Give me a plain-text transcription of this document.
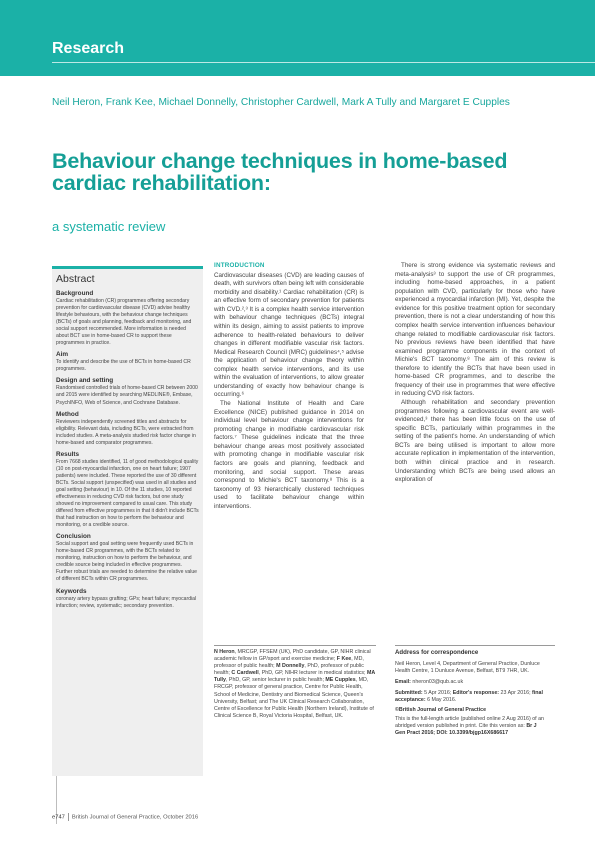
Research
Neil Heron, Frank Kee, Michael Donnelly, Christopher Cardwell, Mark A Tully and Margaret E Cupples
Behaviour change techniques in home-based cardiac rehabilitation:
a systematic review
Abstract
Background

Cardiac rehabilitation (CR) programmes offering secondary prevention for cardiovascular disease (CVD) advise healthy lifestyle behaviours, with the behaviour change techniques (BCTs) of goals and planning, feedback and monitoring, and social support recommended. More information is needed about BCT use in home-based CR to support these programmes in practice.

Aim

To identify and describe the use of BCTs in home-based CR programmes.

Design and setting

Randomised controlled trials of home-based CR between 2000 and 2015 were identified by searching MEDLINE®, Embase, PsychINFO, Web of Science, and Cochrane Database.

Method

Reviewers independently screened titles and abstracts for eligibility. Relevant data, including BCTs, were extracted from included studies. A meta-analysis studied risk factor change in home-based and comparator programmes.

Results

From 7668 studies identified, 11 of good methodological quality (10 on post-myocardial infarction, one on heart failure; 1907 patients) were included. These reported the use of 30 different BCTs. Social support (unspecified) was used in all studies and goal setting (behaviour) in 10. Of the 11 studies, 10 reported effectiveness in reducing CVD risk factors, but one study showed no improvement compared to usual care. This study differed from effective programmes in that it didn't include BCTs that had instruction on how to perform the behaviour and monitoring, or a credible source.

Conclusion

Social support and goal setting were frequently used BCTs in home-based CR programmes, with the BCTs related to monitoring, instruction on how to perform the behaviour, and credible source being included in effective programmes. Further robust trials are needed to determine the relative value of different BCTs within CR programmes.

Keywords

coronary artery bypass grafting; GPs; heart failure; myocardial infarction; review, systematic; secondary prevention.

INTRODUCTION

Cardiovascular diseases (CVD) are leading causes of death, with survivors often being left with considerable morbidity and disability.¹ Cardiac rehabilitation (CR) is an effective form of secondary prevention for patients with CVD.²,³ It is a complex health service intervention with behaviour change techniques (BCTs) integral within its design, aiming to assist patients to improve adherence to health-related behaviours to deliver changes in different modifiable vascular risk factors. Medical Research Council (MRC) guidelines⁴,⁵ advise the application of behaviour change theory within complex health service interventions, and its use within the evaluation of interventions, to allow greater understanding of exactly how behaviour change is occurring.⁶

The National Institute of Health and Care Excellence (NICE) published guidance in 2014 on individual level behaviour change interventions for promoting change in modifiable cardiovascular risk factors.⁷ These guidelines indicate that the three behaviour change areas most positively associated with promoting change in modifiable vascular risk factors are goals and planning, feedback and monitoring, and social support. These areas correspond to Michie's BCT taxonomy.⁸ This is a taxonomy of 93 hierarchically clustered techniques used to facilitate behaviour change within interventions.

There is strong evidence via systematic reviews and meta-analysis³ to support the use of CR programmes, including home-based approaches, in a patient population with CVD, particularly for those who have experienced a myocardial infarction (MI). Yet, despite the evidence for this positive treatment option for secondary prevention, there is not a clear understanding of how this complex health service intervention influences behaviour change related to modifiable cardiovascular risk factors. No previous reviews have been identified that have examined programme components in the context of Michie's BCT taxonomy.⁸ The aim of this review is therefore to identify the BCTs that have been used in home-based CR programmes, and to describe the frequency of their use in programmes that were effective in reducing CVD risk factors.

Although rehabilitation and secondary prevention programmes following a cardiovascular event are well-evidenced,³ there has been little focus on the use of specific BCTs, particularly within programmes in the setting of the patient's home. An understanding of which BCTs are being utilised is important to allow more accurate replication in implementation of the intervention, both within clinical practice and in research. Understanding which BCTs are being used allows an exploration of

N Heron, MRCGP, FFSEM (UK), PhD candidate, GP, NIHR clinical academic fellow in GP/sport and exercise medicine; F Kee, MD, professor of public health; M Donnelly, PhD, professor of public health; C Cardwell, PhD, GP, NIHR lecturer in medical statistics; MA Tully, PhD, GP, senior lecturer in public health; ME Cupples, MD, FRCGP, professor of general practice, Centre for Public Health, School of Medicine, Dentistry and Biomedical Science, Queen's University, Belfast; and The UK Clinical Research Collaboration, Centre of Excellence for Public Health (Northern Ireland), Institute of Clinical Science B, Royal Victoria Hospital, Belfast, UK.
Address for correspondence

Neil Heron, Level 4, Department of General Practice, Dunluce Health Centre, 1 Dunluce Avenue, Belfast, BT9 7HR, UK.

Email: nheron03@qub.ac.uk

Submitted: 5 Apr 2016; Editor's response: 23 Apr 2016; final acceptance: 6 May 2016.

©British Journal of General Practice

This is the full-length article (published online 2 Aug 2016) of an abridged version published in print. Cite this version as: Br J Gen Pract 2016; DOI: 10.3399/bjgp16X686617

e747 British Journal of General Practice, October 2016
